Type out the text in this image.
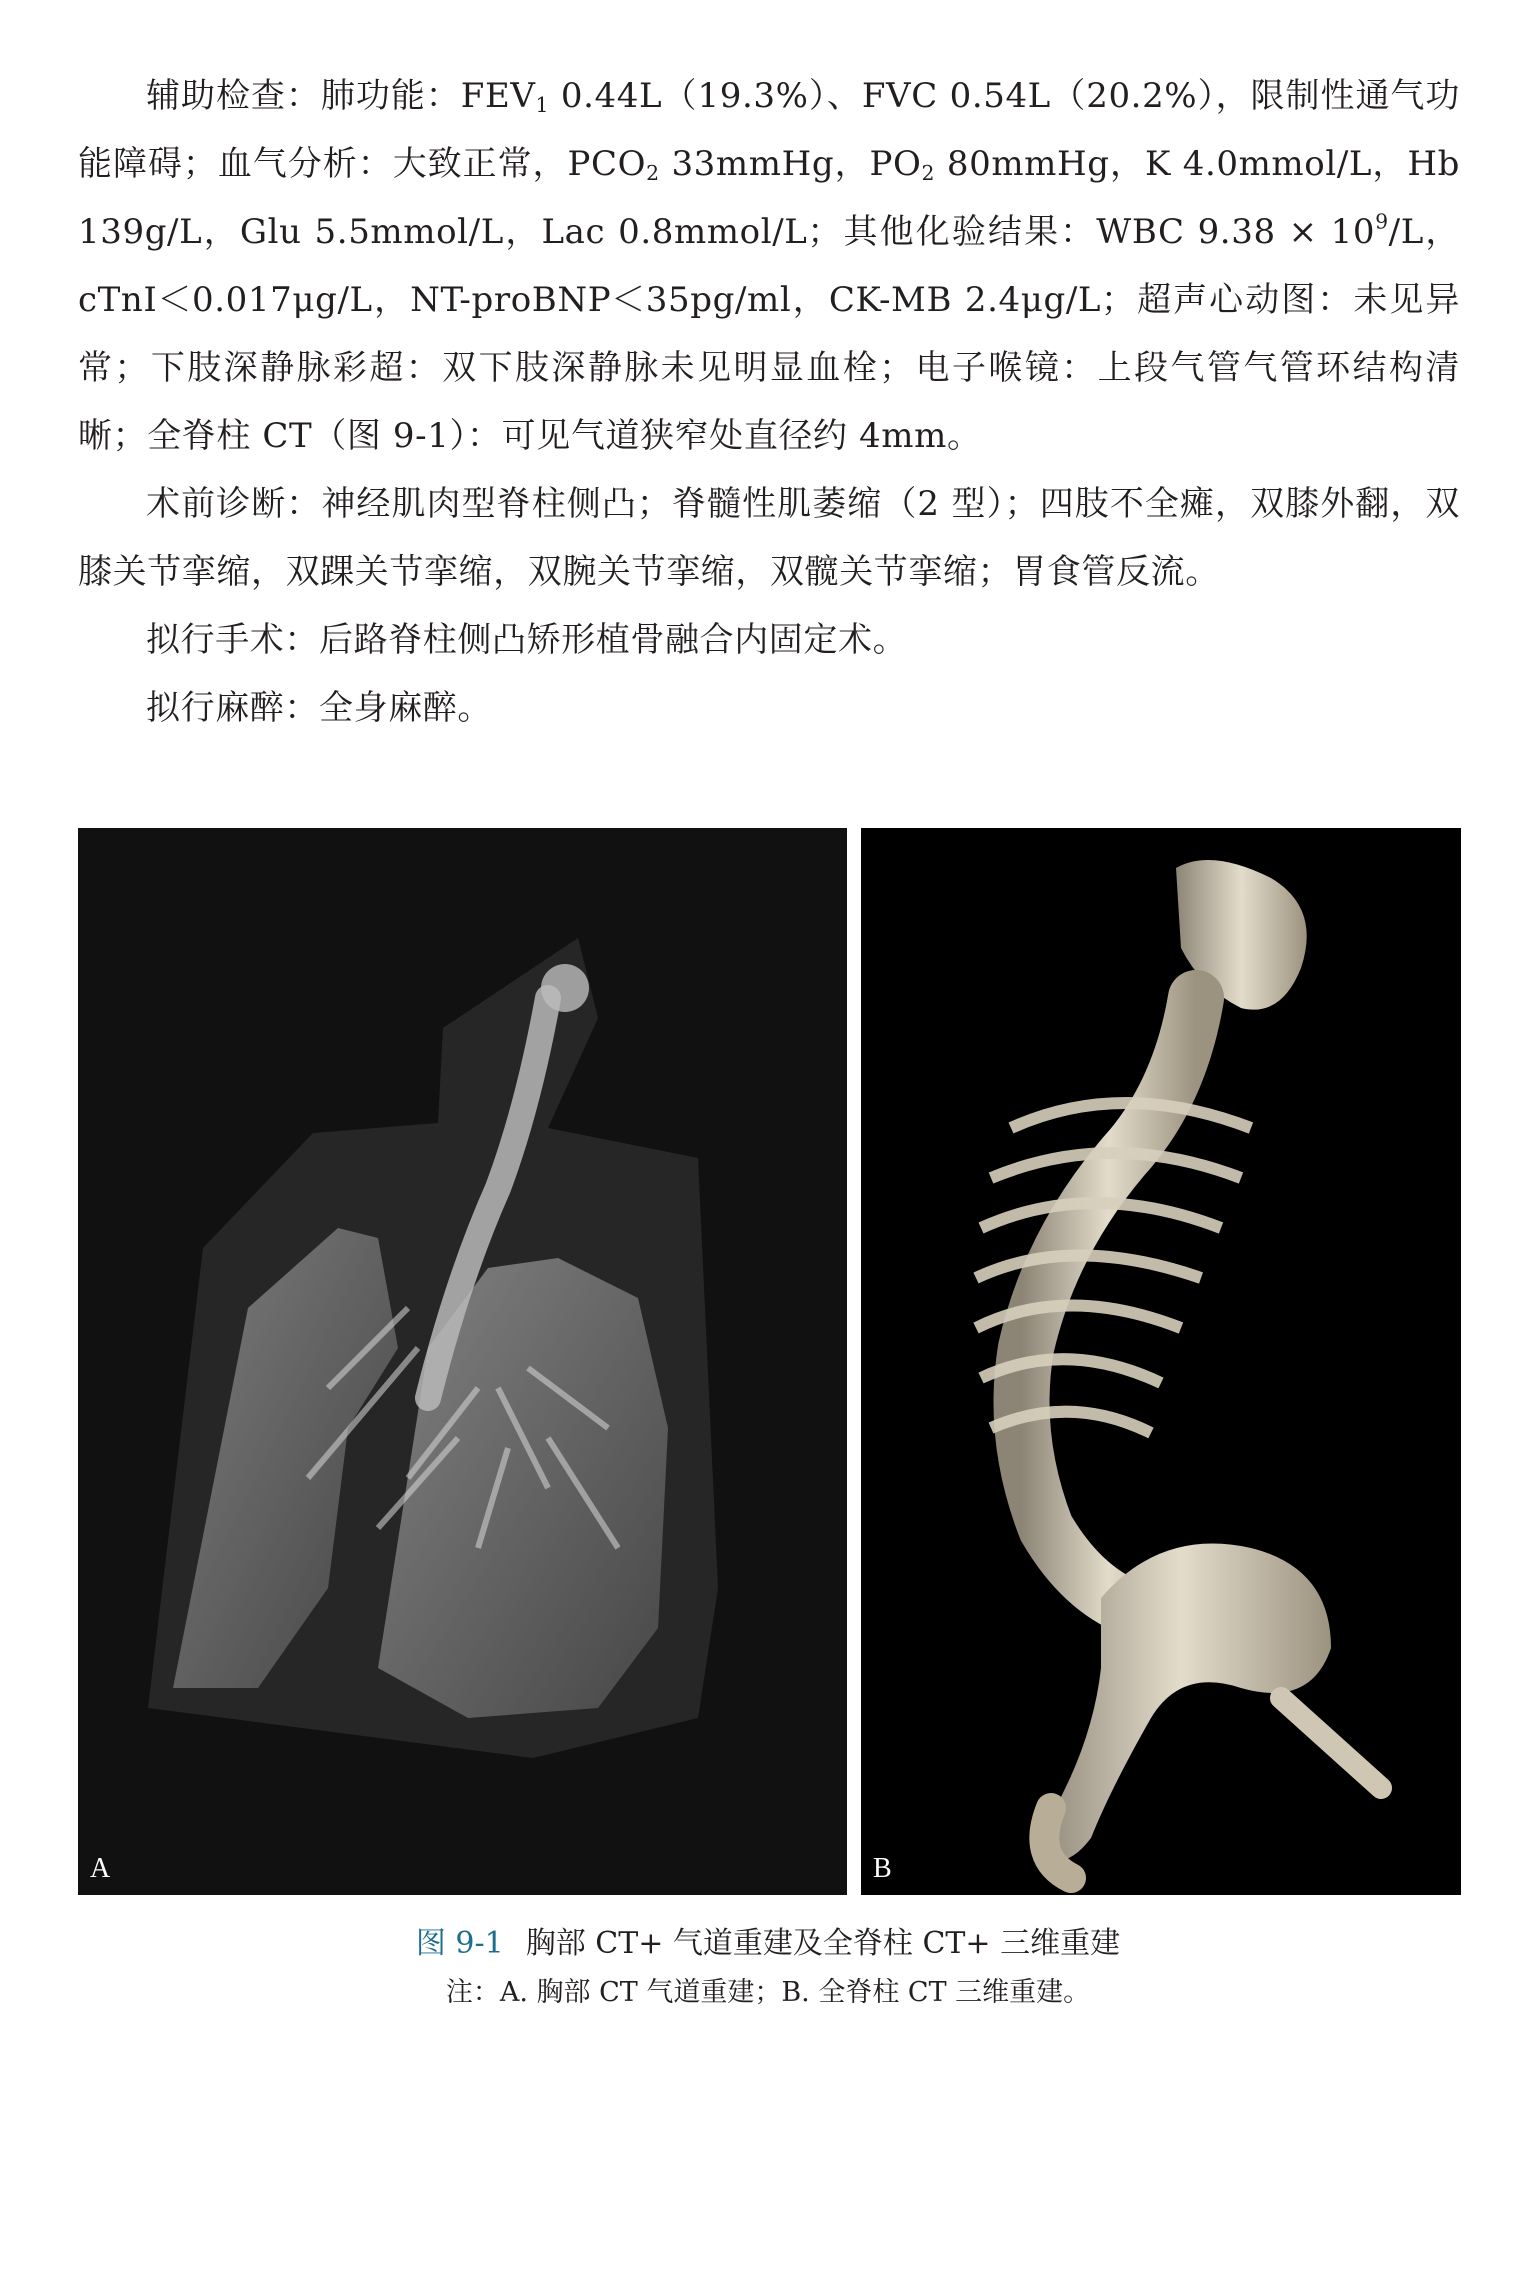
辅助检查：肺功能：$FEV_1$ 0.44L（19.3%）、FVC 0.54L（20.2%），限制性通气功能障碍；血气分析：大致正常，$PCO_2$ 33mmHg，$PO_2$ 80mmHg，K 4.0mmol/L，Hb 139g/L，Glu 5.5mmol/L，Lac 0.8mmol/L；其他化验结果：WBC $9.38 \times 10^9/L$，cTnI＜0.017μg/L，NT-proBNP＜35pg/ml，CK-MB 2.4μg/L；超声心动图：未见异常；下肢深静脉彩超：双下肢深静脉未见明显血栓；电子喉镜：上段气管气管环结构清晰；全脊柱 CT（图 9-1）：可见气道狭窄处直径约 4mm。

术前诊断：神经肌肉型脊柱侧凸；脊髓性肌萎缩（2 型）；四肢不全瘫，双膝外翻，双膝关节挛缩，双踝关节挛缩，双腕关节挛缩，双髋关节挛缩；胃食管反流。

拟行手术：后路脊柱侧凸矫形植骨融合内固定术。

拟行麻醉：全身麻醉。

A	B
图 9-1 胸部 CT+ 气道重建及全脊柱 CT+ 三维重建
注：A. 胸部 CT 气道重建；B. 全脊柱 CT 三维重建。
